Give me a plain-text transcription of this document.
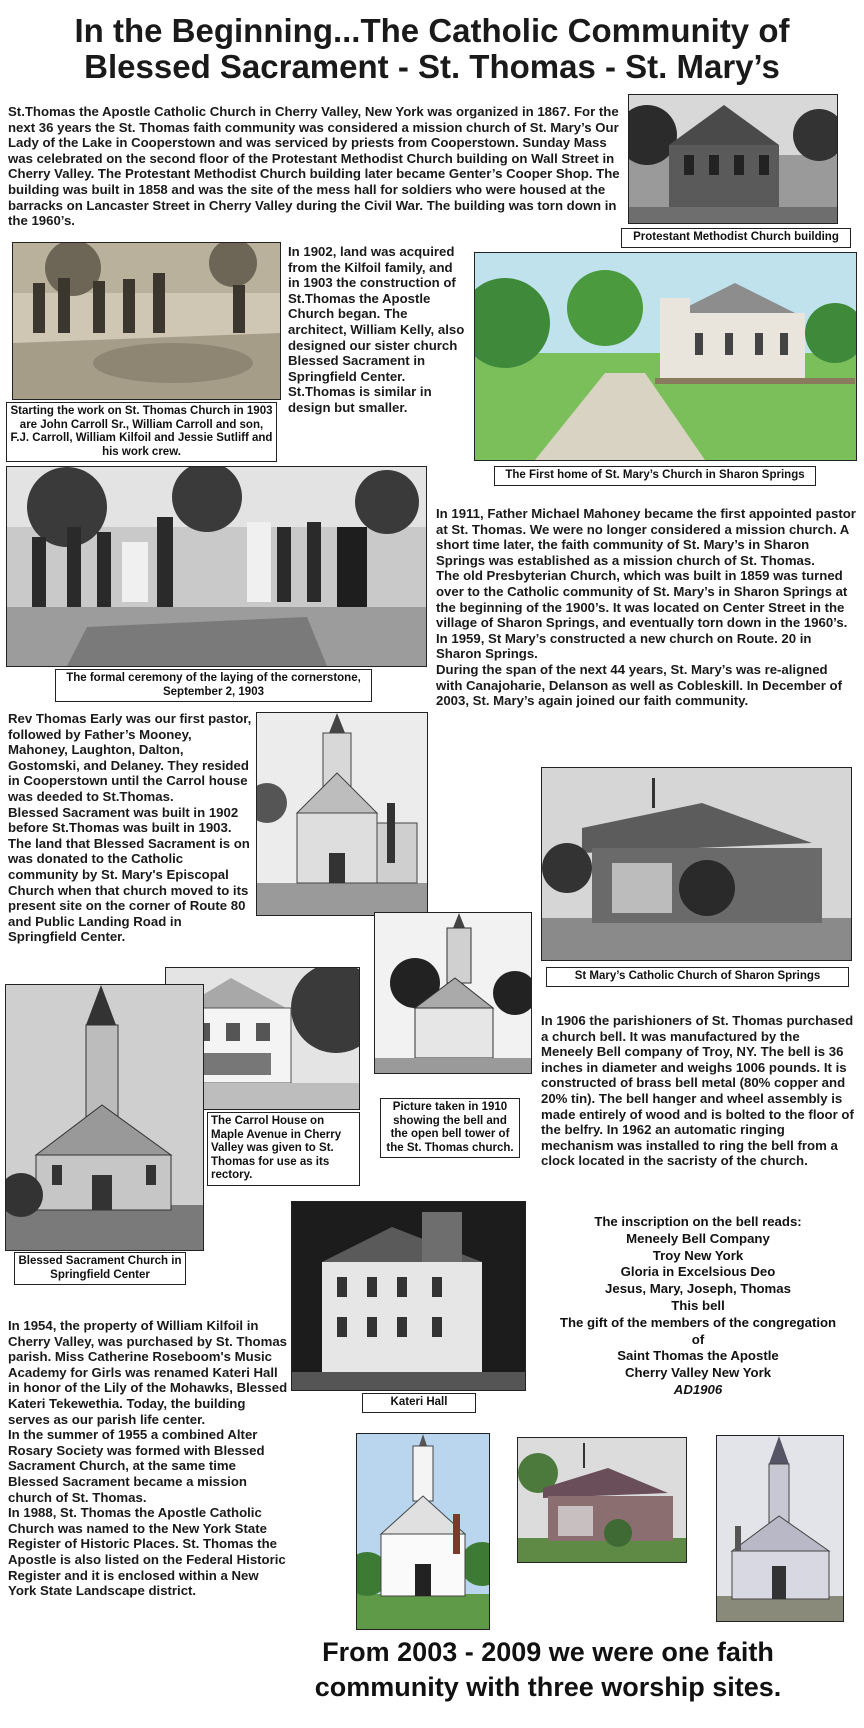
In the Beginning...The Catholic Community of
Blessed Sacrament - St. Thomas - St. Mary’s
St.Thomas the Apostle Catholic Church in Cherry Valley, New York was organized in 1867. For the next 36 years the St. Thomas faith community was considered a mission church of St. Mary’s Our Lady of the Lake in Cooperstown and was serviced by priests from Cooperstown. Sunday Mass was celebrated on the second floor of the Protestant Methodist Church building on Wall Street in Cherry Valley. The Protestant Methodist Church building later became Genter’s Cooper Shop. The building was built in 1858 and was the site of the mess hall for soldiers who were housed at the barracks on Lancaster Street in Cherry Valley during the Civil War. The building was torn down in the 1960’s.
Protestant Methodist Church building
Starting the work on St. Thomas Church in 1903 are John Carroll Sr., William Carroll and son, F.J. Carroll, William Kilfoil and Jessie Sutliff and his work crew.
In 1902, land was acquired from the Kilfoil family, and in 1903 the construction of St.Thomas the Apostle Church began. The architect, William Kelly, also designed our sister church Blessed Sacrament in Springfield Center. St.Thomas is similar in design but smaller.
The First home of St. Mary’s Church in Sharon Springs
The formal ceremony of the laying of the cornerstone, September 2, 1903
In 1911, Father Michael Mahoney became the first appointed pastor at St. Thomas. We were no longer considered a mission church. A short time later, the faith community of St. Mary’s in Sharon Springs was established as a mission church of St. Thomas.
The old Presbyterian Church, which was built in 1859 was turned over to the Catholic community of St. Mary’s in Sharon Springs at the beginning of the 1900’s. It was located on Center Street in the village of Sharon Springs, and eventually torn down in the 1960’s. In 1959, St Mary’s constructed a new church on Route. 20 in Sharon Springs.
During the span of the next 44 years, St. Mary’s was re-aligned with Canajoharie, Delanson as well as Cobleskill. In December of 2003, St. Mary’s again joined our faith community.
Rev Thomas Early was our first pastor, followed by Father’s Mooney, Mahoney, Laughton, Dalton, Gostomski, and Delaney. They resided in Cooperstown until the Carrol house was deeded to St.Thomas.
Blessed Sacrament was built in 1902 before St.Thomas was built in 1903. The land that Blessed Sacrament is on was donated to the Catholic community by St. Mary's Episcopal Church when that church moved to its present site on the corner of Route 80 and Public Landing Road in Springfield Center.
St Mary’s Catholic Church of Sharon Springs
Picture taken in 1910 showing the bell and the open bell tower of the St. Thomas church.
In 1906 the parishioners of St. Thomas purchased a church bell. It was manufactured by the Meneely Bell company of Troy, NY. The bell is 36 inches in diameter and weighs 1006 pounds. It is constructed of brass bell metal (80% copper and 20% tin). The bell hanger and wheel assembly is made entirely of wood and is bolted to the floor of the belfry. In 1962 an automatic ringing mechanism was installed to ring the bell from a clock located in the sacristy of the church.
Blessed Sacrament Church in Springfield Center
The Carrol House on Maple Avenue in Cherry Valley was given to St. Thomas for use as its rectory.
Kateri Hall
The inscription on the bell reads:
Meneely Bell Company
Troy New York
Gloria in Excelsious Deo
Jesus, Mary, Joseph, Thomas
This bell
The gift of the members of the congregation
of
Saint Thomas the Apostle
Cherry Valley New York
AD1906
In 1954, the property of William Kilfoil in Cherry Valley, was purchased by St. Thomas parish. Miss Catherine Roseboom's Music Academy for Girls was renamed Kateri Hall in honor of the Lily of the Mohawks, Blessed Kateri Tekewethia. Today, the building serves as our parish life center.
In the summer of 1955 a combined Alter Rosary Society was formed with Blessed Sacrament Church, at the same time Blessed Sacrament became a mission church of St. Thomas.
In 1988, St. Thomas the Apostle Catholic Church was named to the New York State Register of Historic Places. St. Thomas the Apostle is also listed on the Federal Historic Register and it is enclosed within a New York State Landscape district.
From 2003 - 2009 we were one faith
community with three worship sites.
